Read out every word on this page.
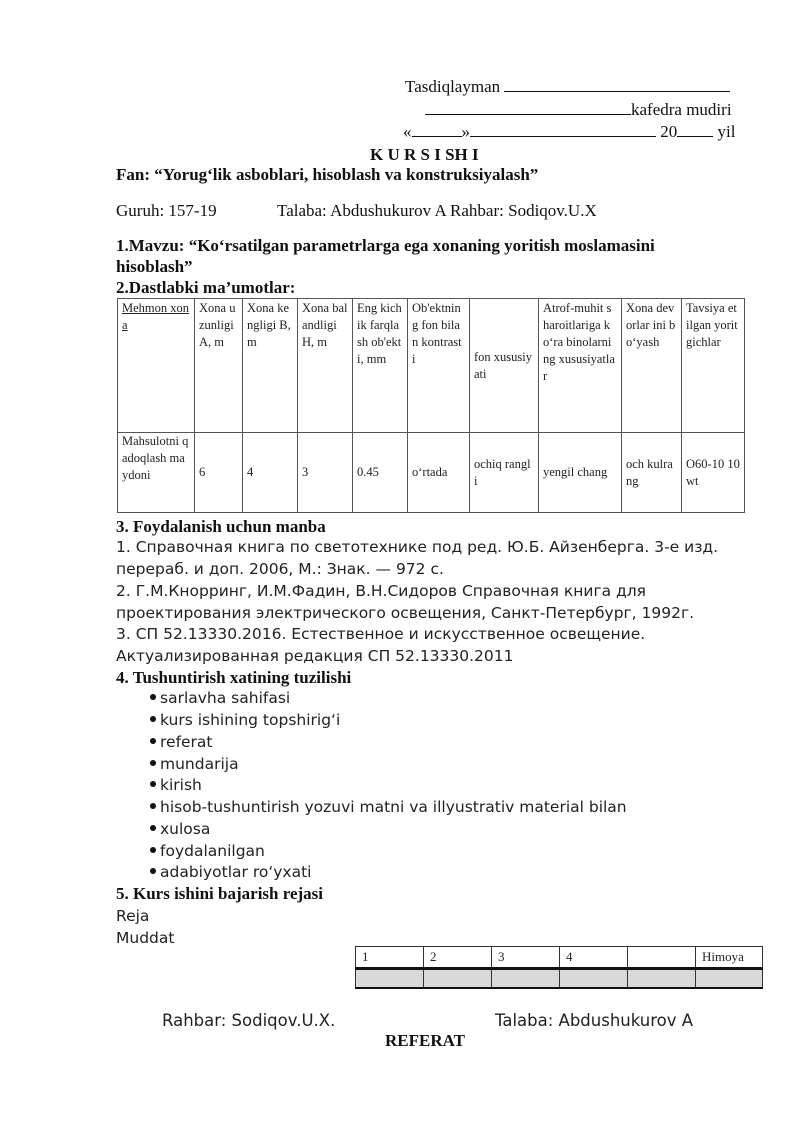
Tasdiqlayman
kafedra mudiri
«	»	20 yil
K U R S I SH I
Fan: “Yorug‘lik asboblari, hisoblash va konstruksiyalash”
Guruh: 157-19	Talaba: Abdushukurov A Rahbar: Sodiqov.U.X
1.Mavzu: “Ko‘rsatilgan parametrlarga ega xonaning yoritish moslamasini
hisoblash”
2.Dastlabki ma’umotlar:
Mehmon xona	Xona uzunligi A, m	Xona kengligi B, m	Xona balandligi H, m	Eng kichik farqlash ob'ekti, mm	Ob'ektning fon bilan kontrasti	fon xususiyati	Atrof-muhit sharoitlariga ko‘ra binolarning xususiyatlar	Xona devorlar ini bo‘yash	Tavsiya etilgan yoritgichlar
Mahsulotni qadoqlash maydoni	6	4	3	0.45	o‘rtada	ochiq rangli	yengil chang	och kulrang	O60-10 10 wt
3. Foydalanish uchun manba
1. Справочная книга по светотехнике под ред. Ю.Б. Айзенберга. 3-е изд.
перераб. и доп. 2006, М.: Знак. — 972 с.
2. Г.М.Кнорринг, И.М.Фадин, В.Н.Сидоров Справочная книга для
проектирования электрического освещения, Санкт-Петербург, 1992г.
3. СП 52.13330.2016. Естественное и искусственное освещение.
Актуализированная редакция СП 52.13330.2011
4. Tushuntirish xatining tuzilishi
sarlavha sahifasi
kurs ishining topshirig‘i
referat
mundarija
kirish
hisob-tushuntirish yozuvi matni va illyustrativ material bilan
xulosa
foydalanilgan
adabiyotlar ro‘yxati
5. Kurs ishini bajarish rejasi
Reja
Muddat
1	2	3	4		Himoya

Rahbar: Sodiqov.U.X.	Talaba: Abdushukurov A
REFERAT
